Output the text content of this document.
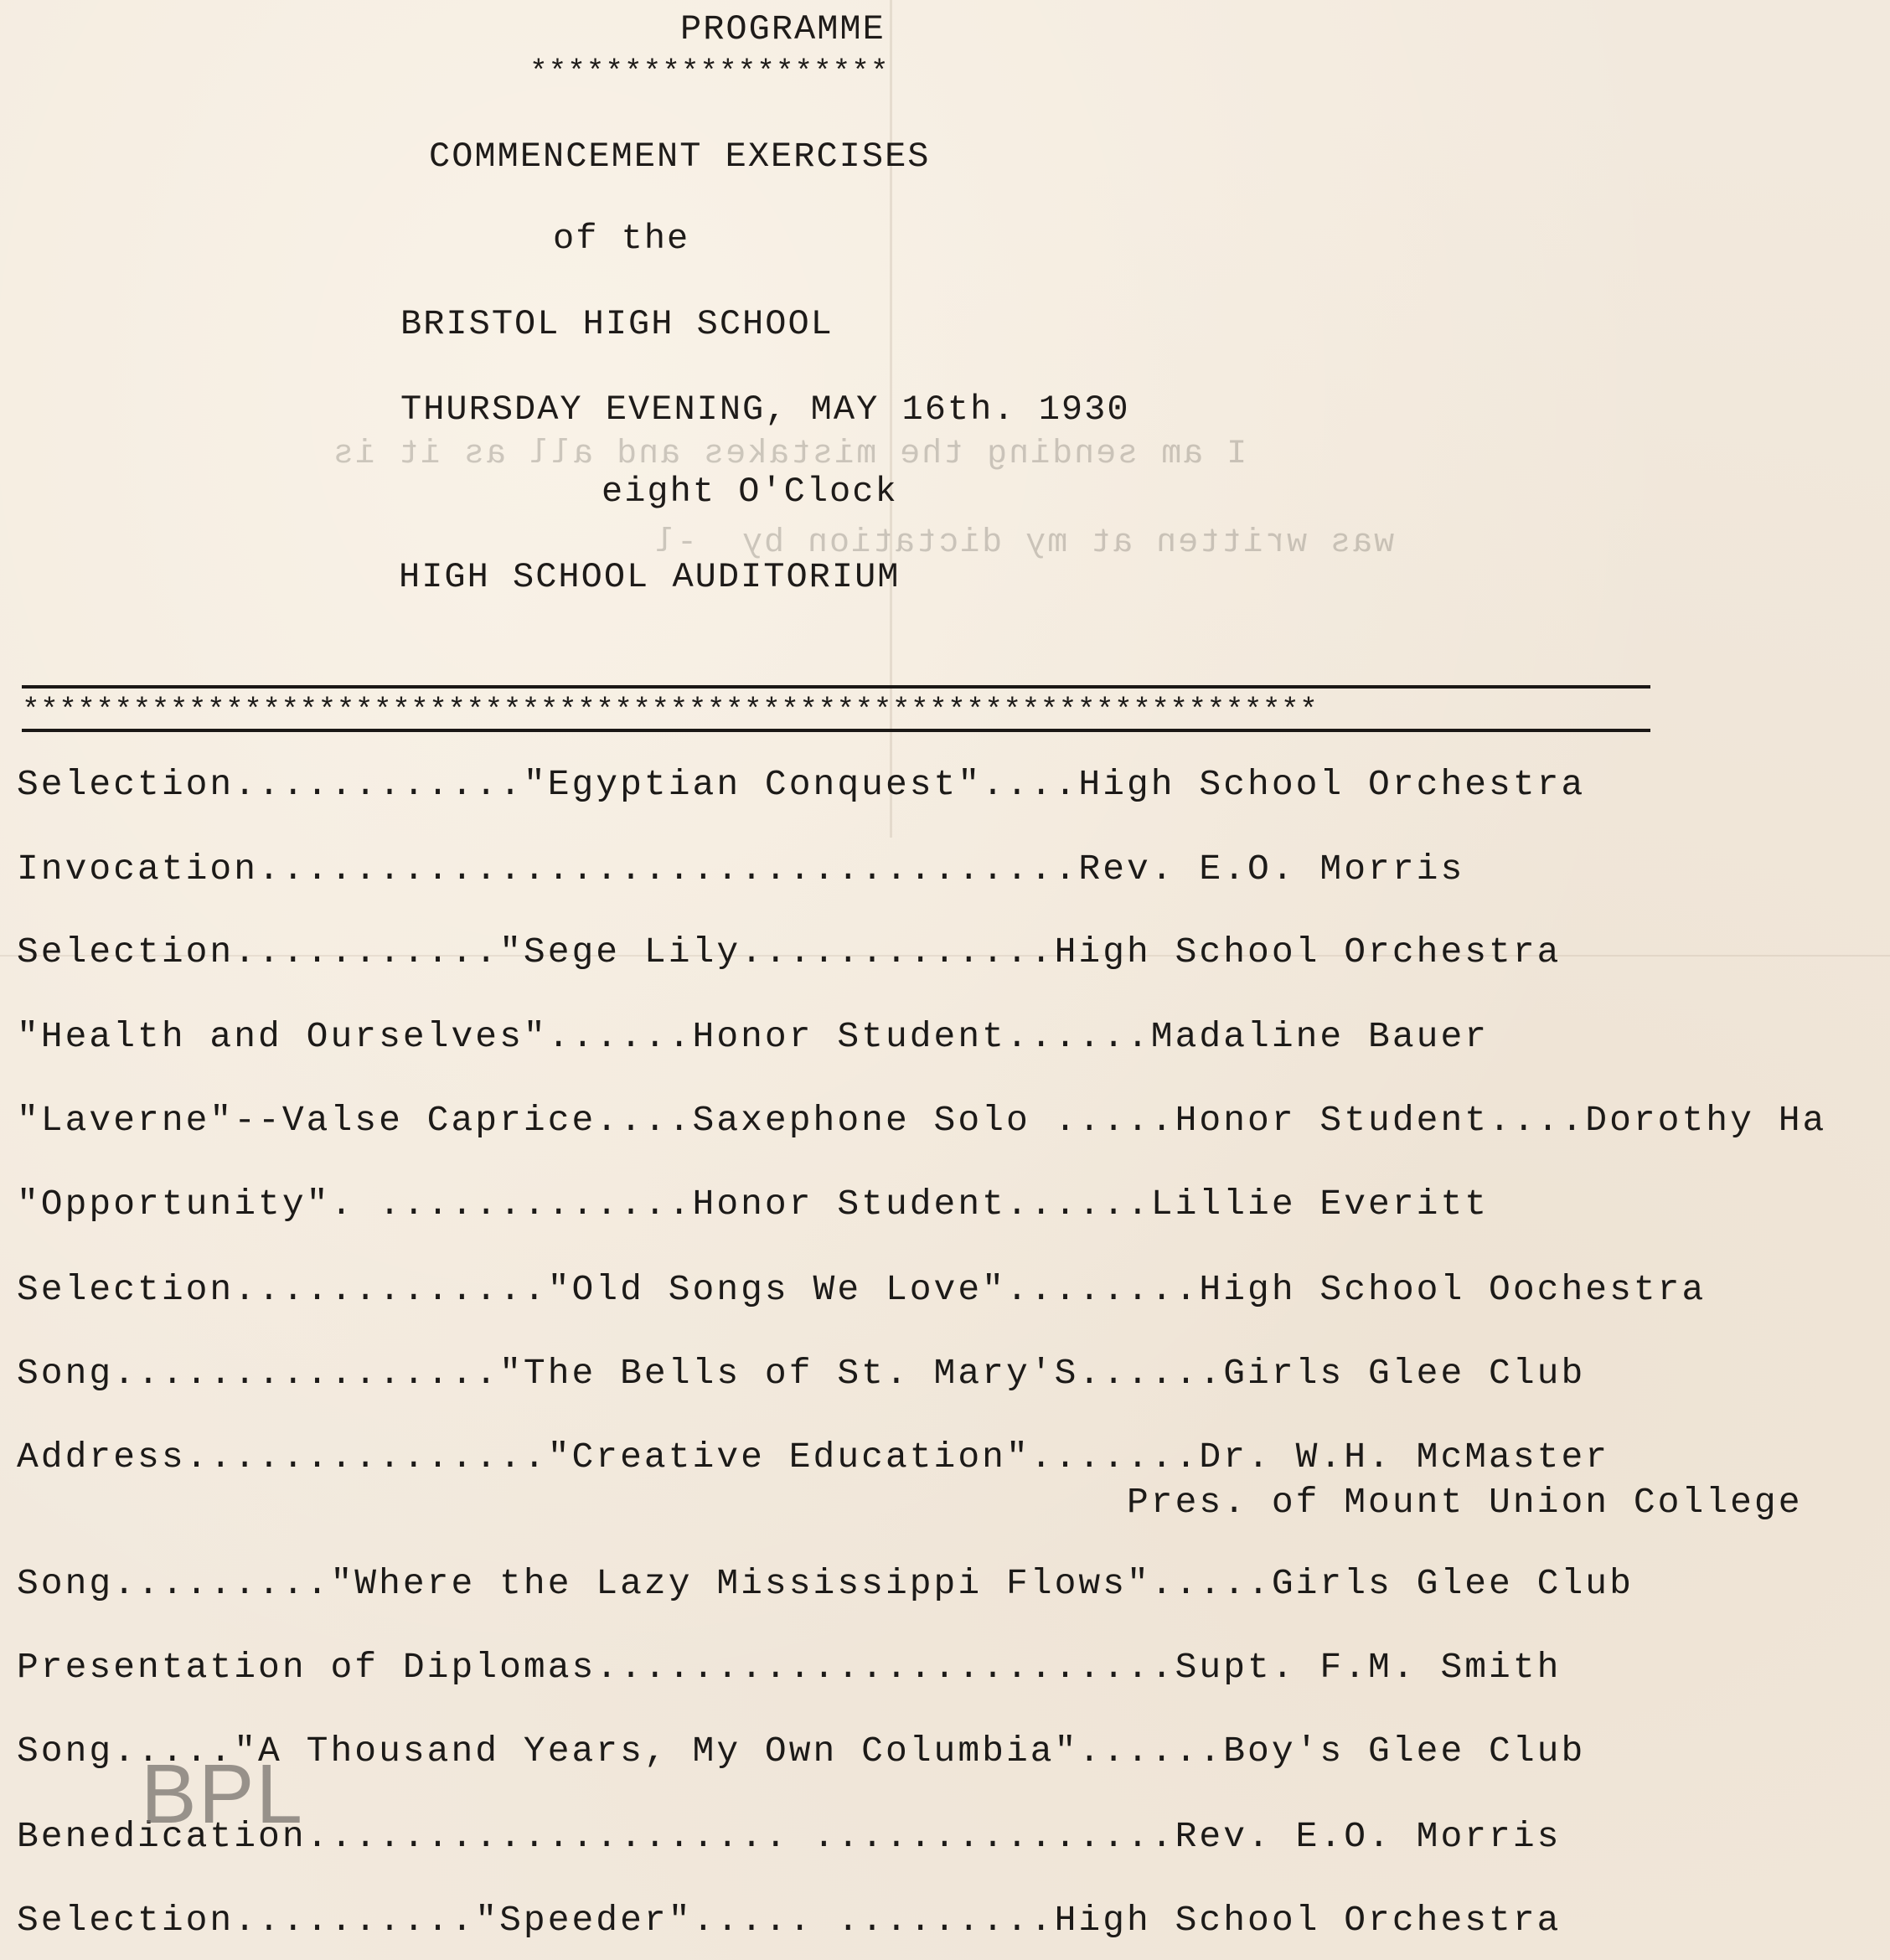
PROGRAMME
*******************
COMMENCEMENT EXERCISES
of the
BRISTOL HIGH SCHOOL
THURSDAY EVENING, MAY 16th. 1930
eight O'Clock
HIGH SCHOOL AUDITORIUM
I am sending the mistakes and all as it is
was written at my dictation by  -l
**********************************************************************
Selection............"Egyptian Conquest"....High School Orchestra
Invocation..................................Rev. E.O. Morris
Selection..........."Sege Lily.............High School Orchestra
"Health and Ourselves"......Honor Student......Madaline Bauer
"Laverne"--Valse Caprice....Saxephone Solo .....Honor Student....Dorothy Ha
"Opportunity". .............Honor Student......Lillie Everitt
Selection............."Old Songs We Love"........High School Oochestra
Song................"The Bells of St. Mary'S......Girls Glee Club
Address..............."Creative Education".......Dr. W.H. McMaster
Pres. of Mount Union College
Song........."Where the Lazy Mississippi Flows".....Girls Glee Club
Presentation of Diplomas........................Supt. F.M. Smith
Song....."A Thousand Years, My Own Columbia"......Boy's Glee Club
Benedication.................... ...............Rev. E.O. Morris
Selection.........."Speeder"..... .........High School Orchestra
BPL
